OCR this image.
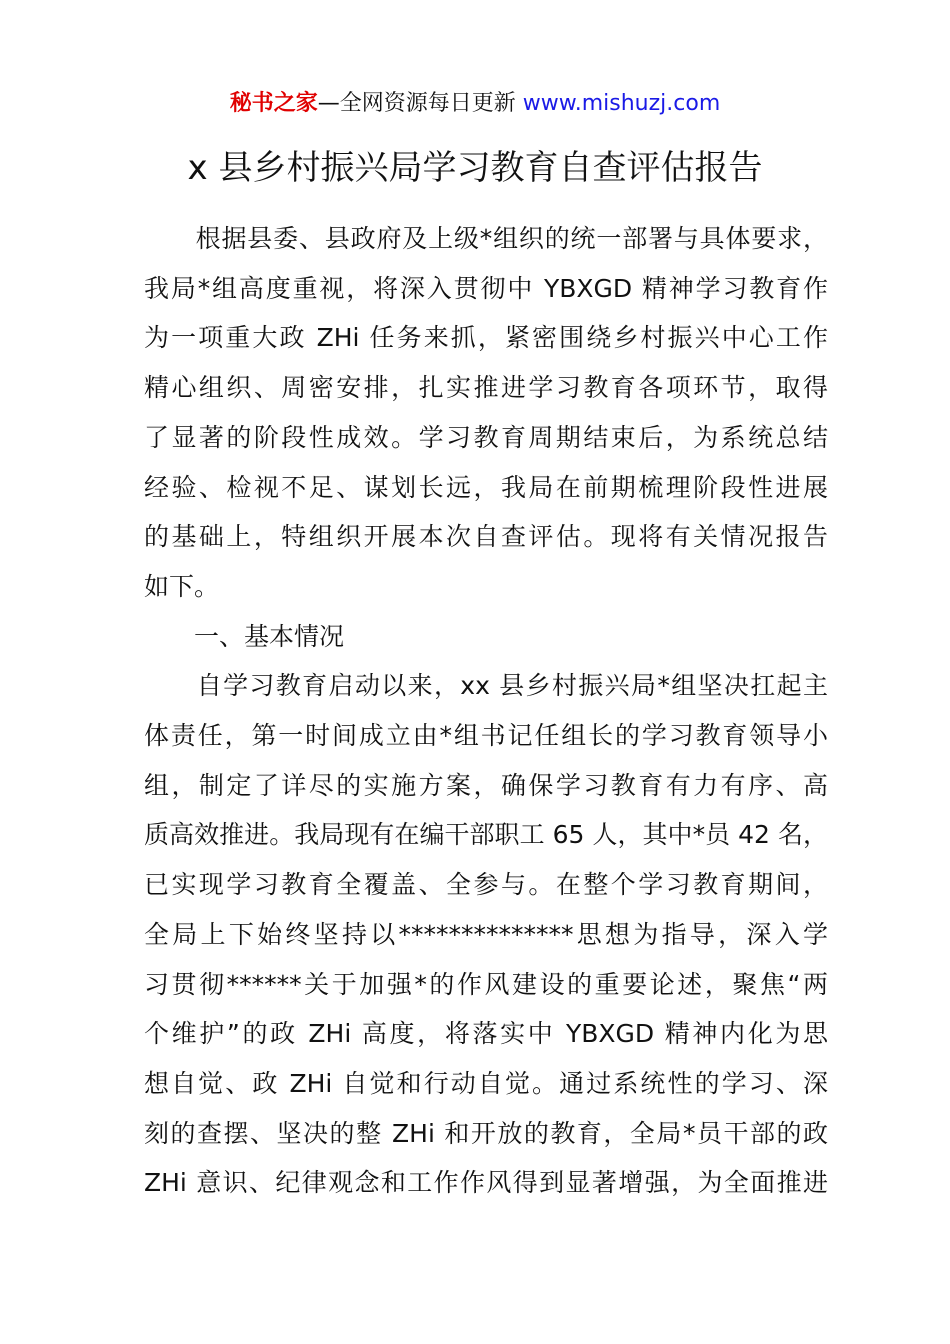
秘书之家—全网资源每日更新 www.mishuzj.com
x 县乡村振兴局学习教育自查评估报告
　　根据县委、县政府及上级*组织的统一部署与具体要求，
我局*组高度重视，将深入贯彻中 YBXGD 精神学习教育作
为一项重大政 ZHi 任务来抓，紧密围绕乡村振兴中心工作
精心组织、周密安排，扎实推进学习教育各项环节，取得
了显著的阶段性成效。学习教育周期结束后，为系统总结
经验、检视不足、谋划长远，我局在前期梳理阶段性进展
的基础上，特组织开展本次自查评估。现将有关情况报告
如下。
　　一、基本情况
　　自学习教育启动以来，xx 县乡村振兴局*组坚决扛起主
体责任，第一时间成立由*组书记任组长的学习教育领导小
组，制定了详尽的实施方案，确保学习教育有力有序、高
质高效推进。我局现有在编干部职工 65 人，其中*员 42 名，
已实现学习教育全覆盖、全参与。在整个学习教育期间，
全局上下始终坚持以**************思想为指导，深入学
习贯彻******关于加强*的作风建设的重要论述，聚焦“两
个维护”的政 ZHi 高度，将落实中 YBXGD 精神内化为思
想自觉、政 ZHi 自觉和行动自觉。通过系统性的学习、深
刻的查摆、坚决的整 ZHi 和开放的教育，全局*员干部的政
ZHi 意识、纪律观念和工作作风得到显著增强，为全面推进
